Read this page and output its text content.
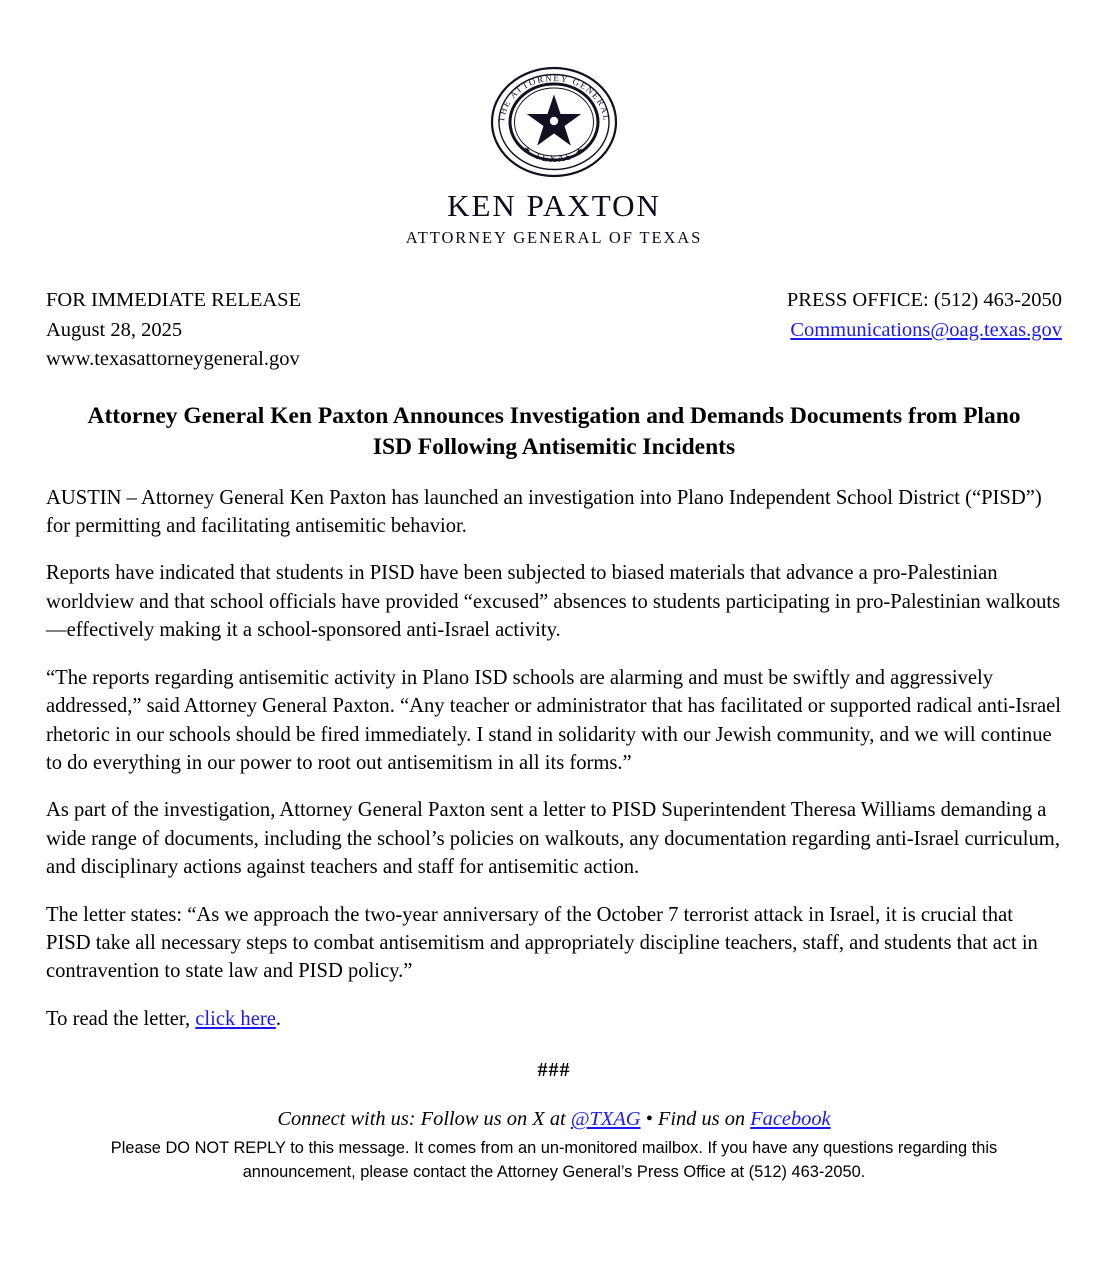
THE ATTORNEY GENERAL
★ TEXAS ★
KEN PAXTON
ATTORNEY GENERAL OF TEXAS
FOR IMMEDIATE RELEASE
August 28, 2025
www.texasattorneygeneral.gov
PRESS OFFICE: (512) 463-2050
Communications@oag.texas.gov
Attorney General Ken Paxton Announces Investigation and Demands Documents from Plano ISD Following Antisemitic Incidents

AUSTIN – Attorney General Ken Paxton has launched an investigation into Plano Independent School District (“PISD”) for permitting and facilitating antisemitic behavior.

Reports have indicated that students in PISD have been subjected to biased materials that advance a pro-Palestinian worldview and that school officials have provided “excused” absences to students participating in pro-Palestinian walkouts—effectively making it a school-sponsored anti-Israel activity.

“The reports regarding antisemitic activity in Plano ISD schools are alarming and must be swiftly and aggressively addressed,” said Attorney General Paxton. “Any teacher or administrator that has facilitated or supported radical anti-Israel rhetoric in our schools should be fired immediately. I stand in solidarity with our Jewish community, and we will continue to do everything in our power to root out antisemitism in all its forms.”

As part of the investigation, Attorney General Paxton sent a letter to PISD Superintendent Theresa Williams demanding a wide range of documents, including the school’s policies on walkouts, any documentation regarding anti-Israel curriculum, and disciplinary actions against teachers and staff for antisemitic action.

The letter states: “As we approach the two-year anniversary of the October 7 terrorist attack in Israel, it is crucial that PISD take all necessary steps to combat antisemitism and appropriately discipline teachers, staff, and students that act in contravention to state law and PISD policy.”

To read the letter, click here.

###
Connect with us: Follow us on X at @TXAG • Find us on Facebook
Please DO NOT REPLY to this message. It comes from an un-monitored mailbox. If you have any questions regarding this announcement, please contact the Attorney General’s Press Office at (512) 463-2050.
